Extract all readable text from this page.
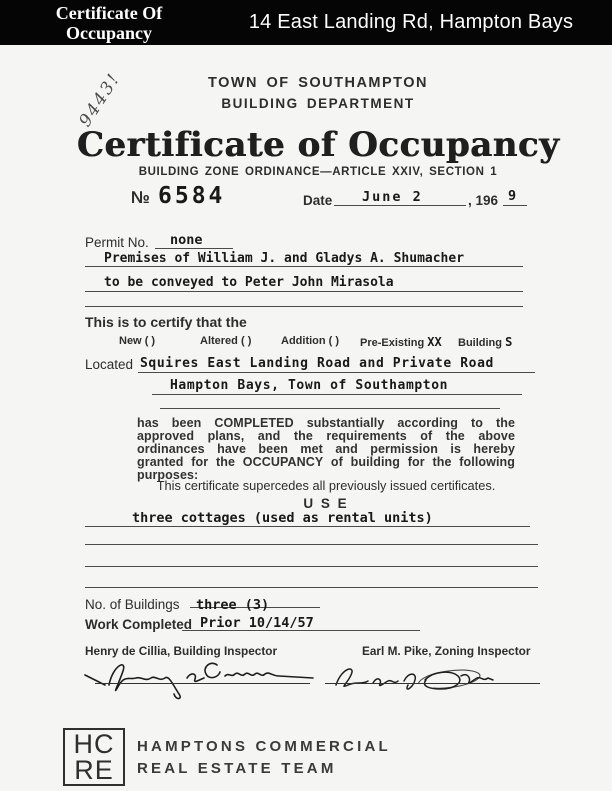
Certificate Of
Occupancy	14 East Landing Rd, Hampton Bays
9443!	TOWN OF SOUTHAMPTON
BUILDING DEPARTMENT
Certificate of Occupancy
BUILDING ZONE ORDINANCE—ARTICLE XXIV, SECTION 1
№ 6584	Date June 2	, 196 9
Permit No. none
Premises of William J. and Gladys A. Shumacher
to be conveyed to Peter John Mirasola
This is to certify that the
New ( )	Altered ( )	Addition ( ) Pre-Existing XX Building S
Located Squires East Landing Road and Private Road
Hampton Bays, Town of Southampton
has been COMPLETED substantially according to the approved plans, and the requirements of the above ordinances have been met and permission is hereby granted for the OCCUPANCY of building for the following purposes:
This certificate supercedes all previously issued certificates.
U S E
three cottages (used as rental units)
No. of Buildings three (3)
Work Completed Prior 10/14/57
Henry de Cillia, Building Inspector	Earl M. Pike, Zoning Inspector
HC
RE
HAMPTONS COMMERCIAL
REAL ESTATE TEAM
